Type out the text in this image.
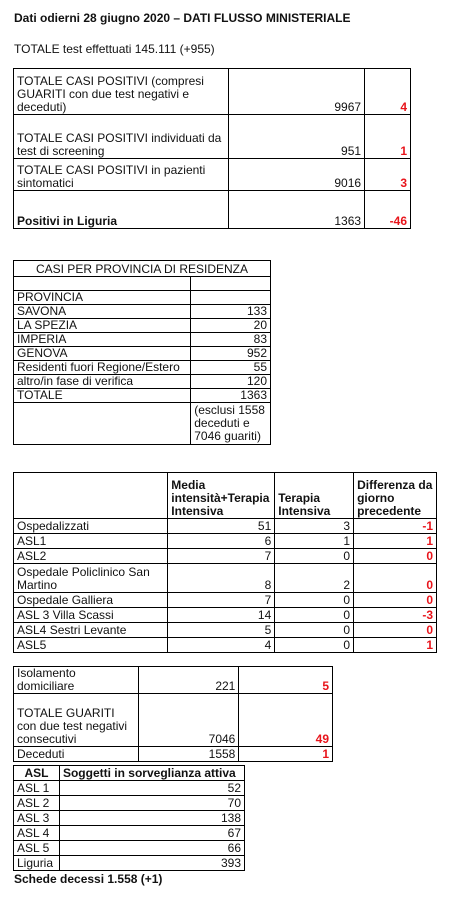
Dati odierni 28 giugno 2020 – DATI FLUSSO MINISTERIALE
TOTALE test effettuati 145.111 (+955)
TOTALE CASI POSITIVI (compresi GUARITI con due test negativi e deceduti)	9967	4
TOTALE CASI POSITIVI individuati da test di screening	951	1
TOTALE CASI POSITIVI in pazienti sintomatici	9016	3
Positivi in Liguria	1363	-46
CASI PER PROVINCIA DI RESIDENZA	

PROVINCIA	
SAVONA	133
LA SPEZIA	20
IMPERIA	83
GENOVA	952
Residenti fuori Regione/Estero	55
altro/in fase di verifica	120
TOTALE	1363
	(esclusi 1558 deceduti e 7046 guariti)
	Media intensità+Terapia Intensiva	Terapia Intensiva	Differenza da giorno precedente
Ospedalizzati	51	3	-1
ASL1	6	1	1
ASL2	7	0	0
Ospedale Policlinico San Martino	8	2	0
Ospedale Galliera	7	0	0
ASL 3 Villa Scassi	14	0	-3
ASL4 Sestri Levante	5	0	0
ASL5	4	0	1
Isolamento domiciliare	221	5
TOTALE GUARITI con due test negativi consecutivi	7046	49
Deceduti	1558	1
ASL	Soggetti in sorveglianza attiva
ASL 1	52
ASL 2	70
ASL 3	138
ASL 4	67
ASL 5	66
Liguria	393
Schede decessi 1.558 (+1)
